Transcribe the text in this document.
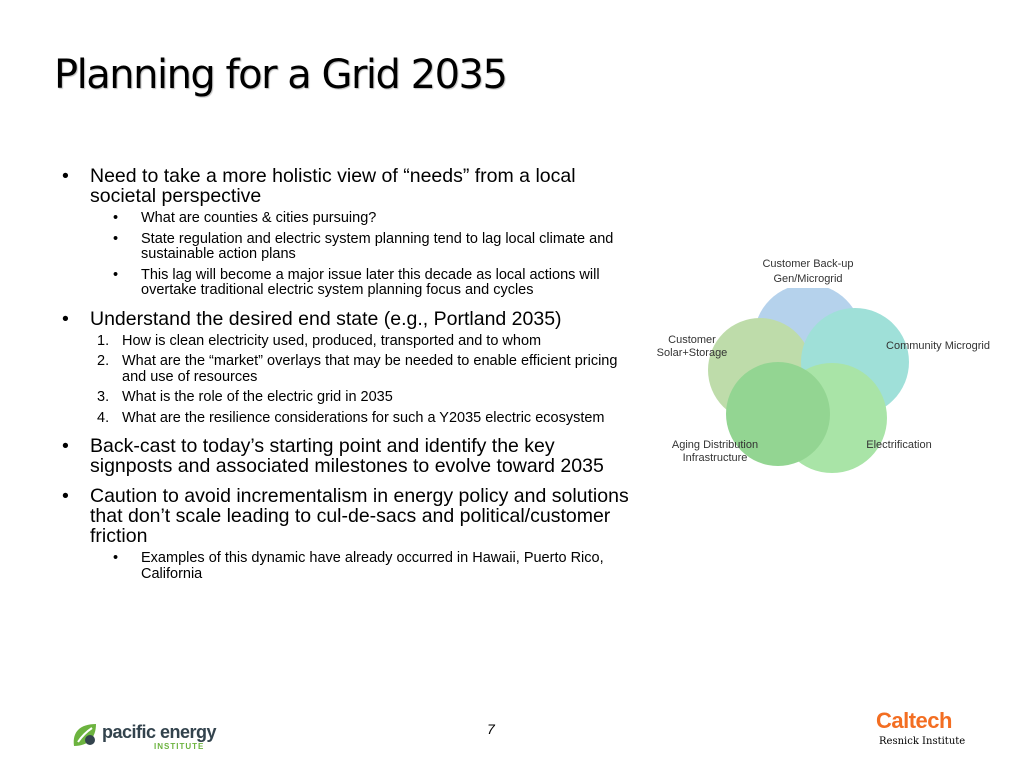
Planning for a Grid 2035
• Need to take a more holistic view of “needs” from a local societal perspective
• What are counties & cities pursuing?
• State regulation and electric system planning tend to lag local climate and sustainable action plans
• This lag will become a major issue later this decade as local actions will overtake traditional electric system planning focus and cycles
• Understand the desired end state (e.g., Portland 2035)
1. How is clean electricity used, produced, transported and to whom
2. What are the “market” overlays that may be needed to enable efficient pricing and use of resources
3. What is the role of the electric grid in 2035
4. What are the resilience considerations for such a Y2035 electric ecosystem
• Back-cast to today’s starting point and identify the key signposts and associated milestones to evolve toward 2035
• Caution to avoid incrementalism in energy policy and solutions that don’t scale leading to cul-de-sacs and political/customer friction
• Examples of this dynamic have already occurred in Hawaii, Puerto Rico, California
Customer Back-up
Gen/Microgrid
Customer
Solar+Storage
Community Microgrid
Electrification
Aging Distribution
Infrastructure
pacific energy
INSTITUTE
7	Caltech
Resnick Institute
